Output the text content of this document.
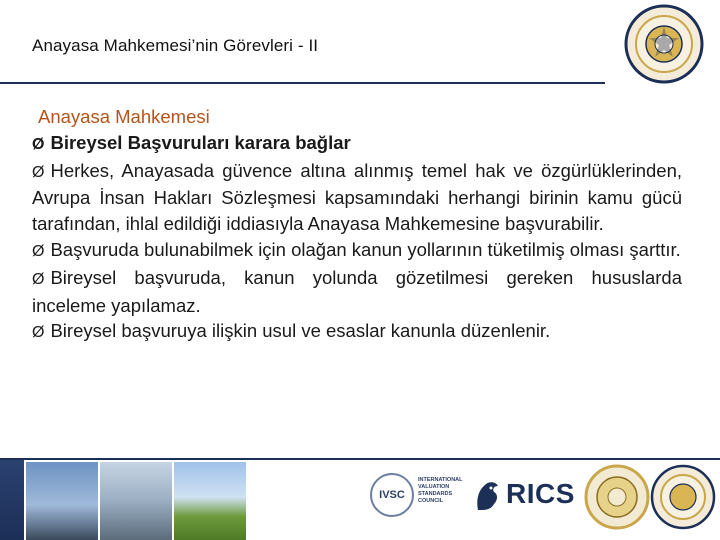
Anayasa Mahkemesi’nin Görevleri - II
Anayasa Mahkemesi
Ø Bireysel Başvuruları karara bağlar
Ø Herkes, Anayasada güvence altına alınmış temel hak ve özgürlüklerinden, Avrupa İnsan Hakları Sözleşmesi kapsamındaki herhangi birinin kamu gücü tarafından, ihlal edildiği iddiasıyla Anayasa Mahkemesine başvurabilir.
Ø Başvuruda bulunabilmek için olağan kanun yollarının tüketilmiş olması şarttır.
Ø Bireysel başvuruda, kanun yolunda gözetilmesi gereken hususlarda inceleme yapılamaz.
Ø Bireysel başvuruya ilişkin usul ve esaslar kanunla düzenlenir.
IVSC
INTERNATIONAL VALUATION STANDARDS COUNCIL	RICS
